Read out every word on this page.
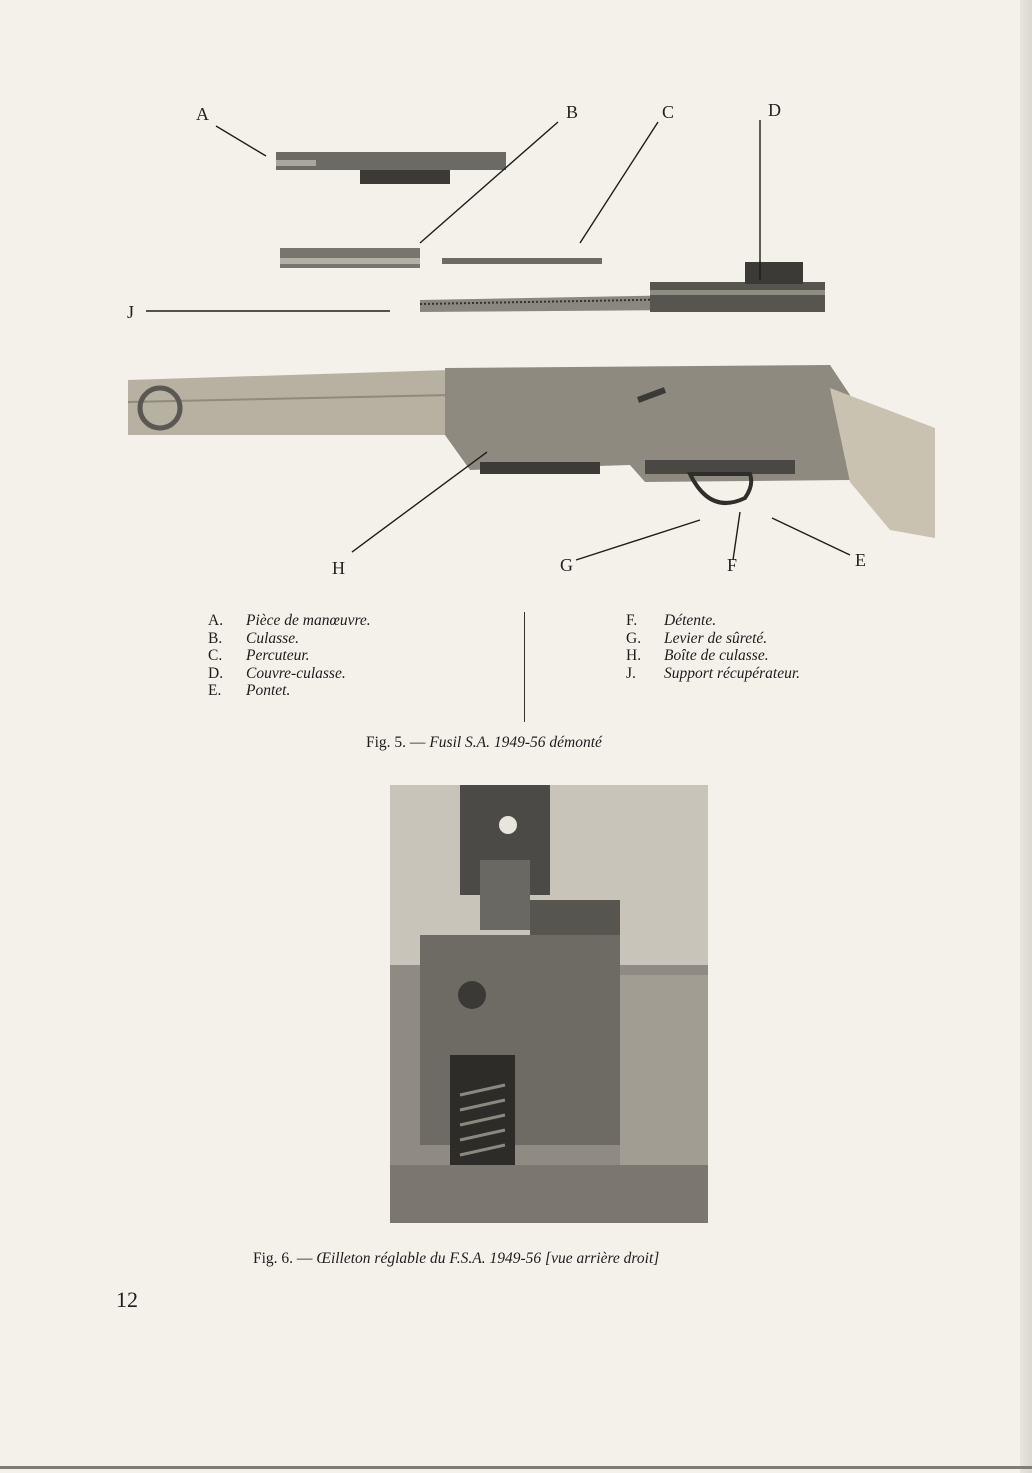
A	B	C	D
J
H	G	F	E
A. Pièce de manœuvre.
B. Culasse.
C. Percuteur.
D. Couvre-culasse.
E. Pontet.
F. Détente.
G. Levier de sûreté.
H. Boîte de culasse.
J. Support récupérateur.
Fig. 5. — Fusil S.A. 1949-56 démonté
Fig. 6. — Œilleton réglable du F.S.A. 1949-56 [vue arrière droit]
12
